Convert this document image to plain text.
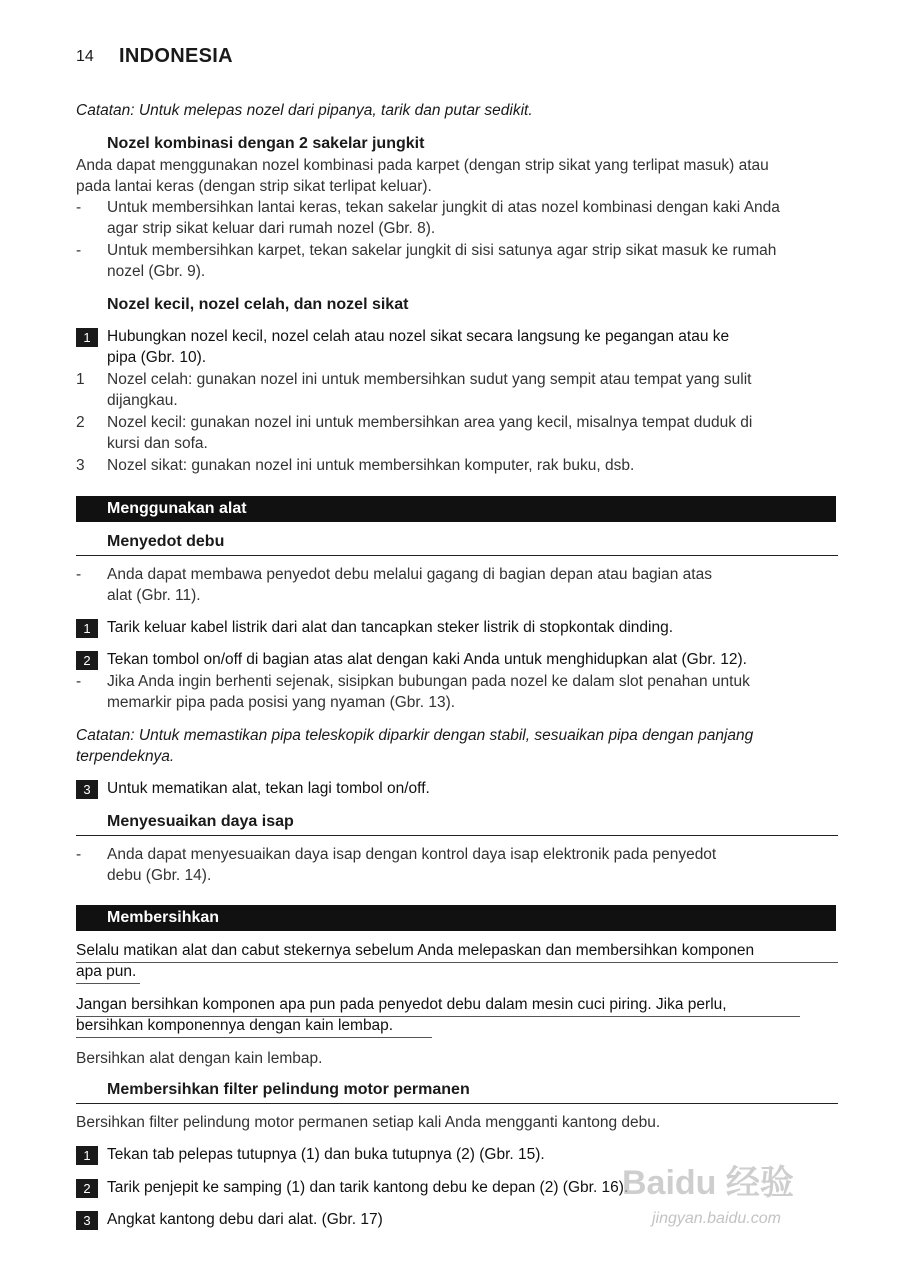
14 INDONESIA
Catatan: Untuk melepas nozel dari pipanya, tarik dan putar sedikit.
Nozel kombinasi dengan 2 sakelar jungkit
Anda dapat menggunakan nozel kombinasi pada karpet (dengan strip sikat yang terlipat masuk) atau
pada lantai keras (dengan strip sikat terlipat keluar).
- Untuk membersihkan lantai keras, tekan sakelar jungkit di atas nozel kombinasi dengan kaki Anda
agar strip sikat keluar dari rumah nozel (Gbr. 8).
- Untuk membersihkan karpet, tekan sakelar jungkit di sisi satunya agar strip sikat masuk ke rumah
nozel (Gbr. 9).
Nozel kecil, nozel celah, dan nozel sikat
1	Hubungkan nozel kecil, nozel celah atau nozel sikat secara langsung ke pegangan atau ke
pipa (Gbr. 10).
1 Nozel celah: gunakan nozel ini untuk membersihkan sudut yang sempit atau tempat yang sulit
dijangkau.
2 Nozel kecil: gunakan nozel ini untuk membersihkan area yang kecil, misalnya tempat duduk di
kursi dan sofa.
3 Nozel sikat: gunakan nozel ini untuk membersihkan komputer, rak buku, dsb.
Menggunakan alat
Menyedot debu
- Anda dapat membawa penyedot debu melalui gagang di bagian depan atau bagian atas
alat (Gbr. 11).
1	Tarik keluar kabel listrik dari alat dan tancapkan steker listrik di stopkontak dinding.
2	Tekan tombol on/off di bagian atas alat dengan kaki Anda untuk menghidupkan alat (Gbr. 12).
- Jika Anda ingin berhenti sejenak, sisipkan bubungan pada nozel ke dalam slot penahan untuk
memarkir pipa pada posisi yang nyaman (Gbr. 13).
Catatan: Untuk memastikan pipa teleskopik diparkir dengan stabil, sesuaikan pipa dengan panjang
terpendeknya.
3	Untuk mematikan alat, tekan lagi tombol on/off.
Menyesuaikan daya isap
- Anda dapat menyesuaikan daya isap dengan kontrol daya isap elektronik pada penyedot
debu (Gbr. 14).
Membersihkan
Selalu matikan alat dan cabut stekernya sebelum Anda melepaskan dan membersihkan komponen
apa pun.
Jangan bersihkan komponen apa pun pada penyedot debu dalam mesin cuci piring. Jika perlu,
bersihkan komponennya dengan kain lembap.
Bersihkan alat dengan kain lembap.
Membersihkan filter pelindung motor permanen
Bersihkan filter pelindung motor permanen setiap kali Anda mengganti kantong debu.
1	Tekan tab pelepas tutupnya (1) dan buka tutupnya (2) (Gbr. 15).
2	Tarik penjepit ke samping (1) dan tarik kantong debu ke depan (2) (Gbr. 16).
3	Angkat kantong debu dari alat. (Gbr. 17)
Baidu 经验
jingyan.baidu.com
